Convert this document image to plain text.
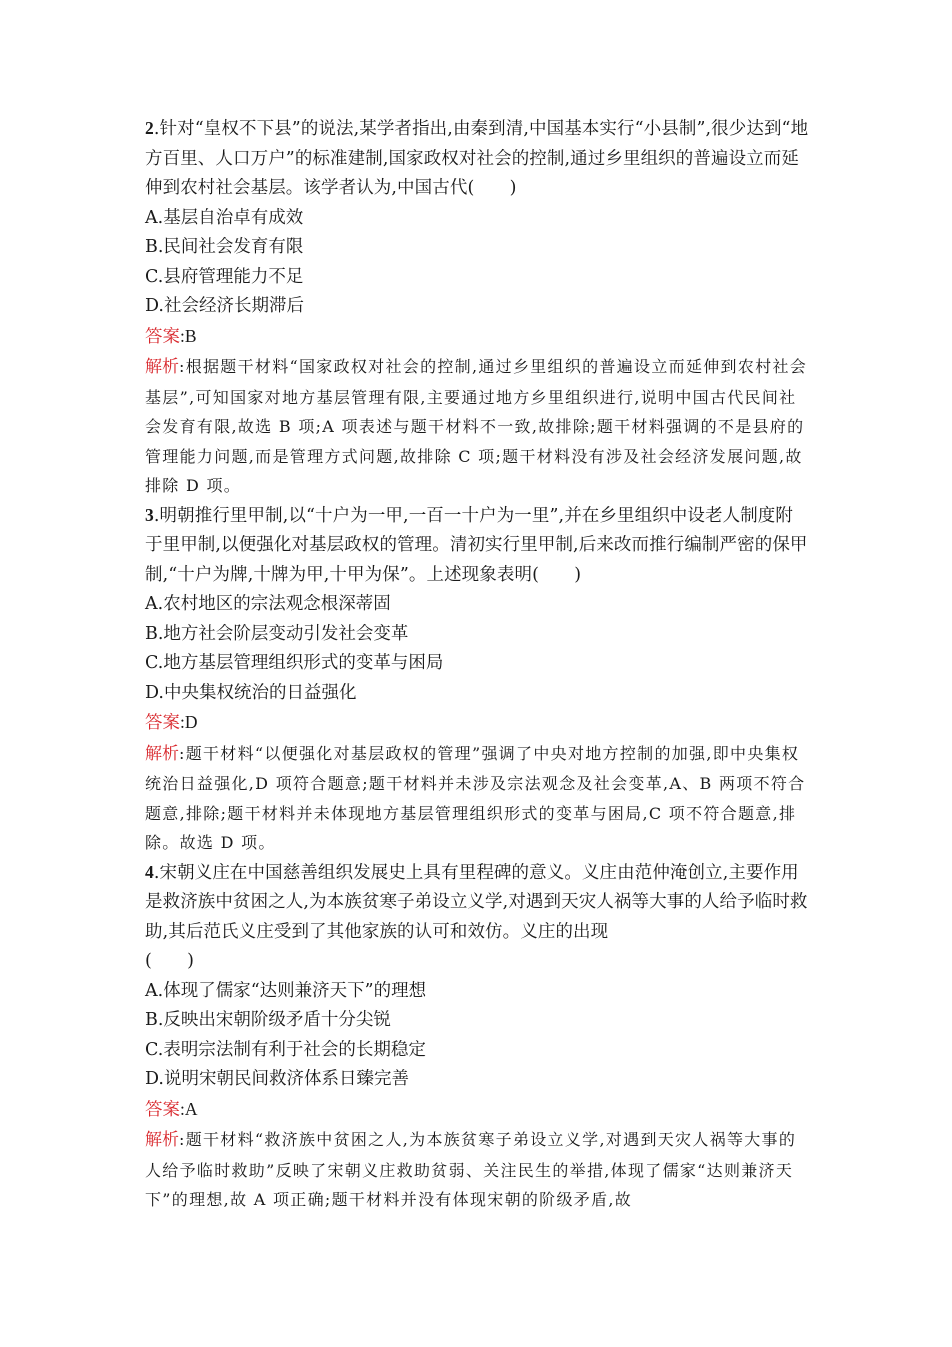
2.针对“皇权不下县”的说法,某学者指出,由秦到清,中国基本实行“小县制”,很少达到“地方百里、人口万户”的标准建制,国家政权对社会的控制,通过乡里组织的普遍设立而延伸到农村社会基层。该学者认为,中国古代(　　)

A.基层自治卓有成效

B.民间社会发育有限

C.县府管理能力不足

D.社会经济长期滞后

答案:B

解析:根据题干材料“国家政权对社会的控制,通过乡里组织的普遍设立而延伸到农村社会基层”,可知国家对地方基层管理有限,主要通过地方乡里组织进行,说明中国古代民间社会发育有限,故选 B 项;A 项表述与题干材料不一致,故排除;题干材料强调的不是县府的管理能力问题,而是管理方式问题,故排除 C 项;题干材料没有涉及社会经济发展问题,故排除 D 项。

3.明朝推行里甲制,以“十户为一甲,一百一十户为一里”,并在乡里组织中设老人制度附于里甲制,以便强化对基层政权的管理。清初实行里甲制,后来改而推行编制严密的保甲制,“十户为牌,十牌为甲,十甲为保”。上述现象表明(　　)

A.农村地区的宗法观念根深蒂固

B.地方社会阶层变动引发社会变革

C.地方基层管理组织形式的变革与困局

D.中央集权统治的日益强化

答案:D

解析:题干材料“以便强化对基层政权的管理”强调了中央对地方控制的加强,即中央集权统治日益强化,D 项符合题意;题干材料并未涉及宗法观念及社会变革,A、B 两项不符合题意,排除;题干材料并未体现地方基层管理组织形式的变革与困局,C 项不符合题意,排除。故选 D 项。

4.宋朝义庄在中国慈善组织发展史上具有里程碑的意义。义庄由范仲淹创立,主要作用是救济族中贫困之人,为本族贫寒子弟设立义学,对遇到天灾人祸等大事的人给予临时救助,其后范氏义庄受到了其他家族的认可和效仿。义庄的出现

(　　)

A.体现了儒家“达则兼济天下”的理想

B.反映出宋朝阶级矛盾十分尖锐

C.表明宗法制有利于社会的长期稳定

D.说明宋朝民间救济体系日臻完善

答案:A

解析:题干材料“救济族中贫困之人,为本族贫寒子弟设立义学,对遇到天灾人祸等大事的人给予临时救助”反映了宋朝义庄救助贫弱、关注民生的举措,体现了儒家“达则兼济天下”的理想,故 A 项正确;题干材料并没有体现宋朝的阶级矛盾,故
